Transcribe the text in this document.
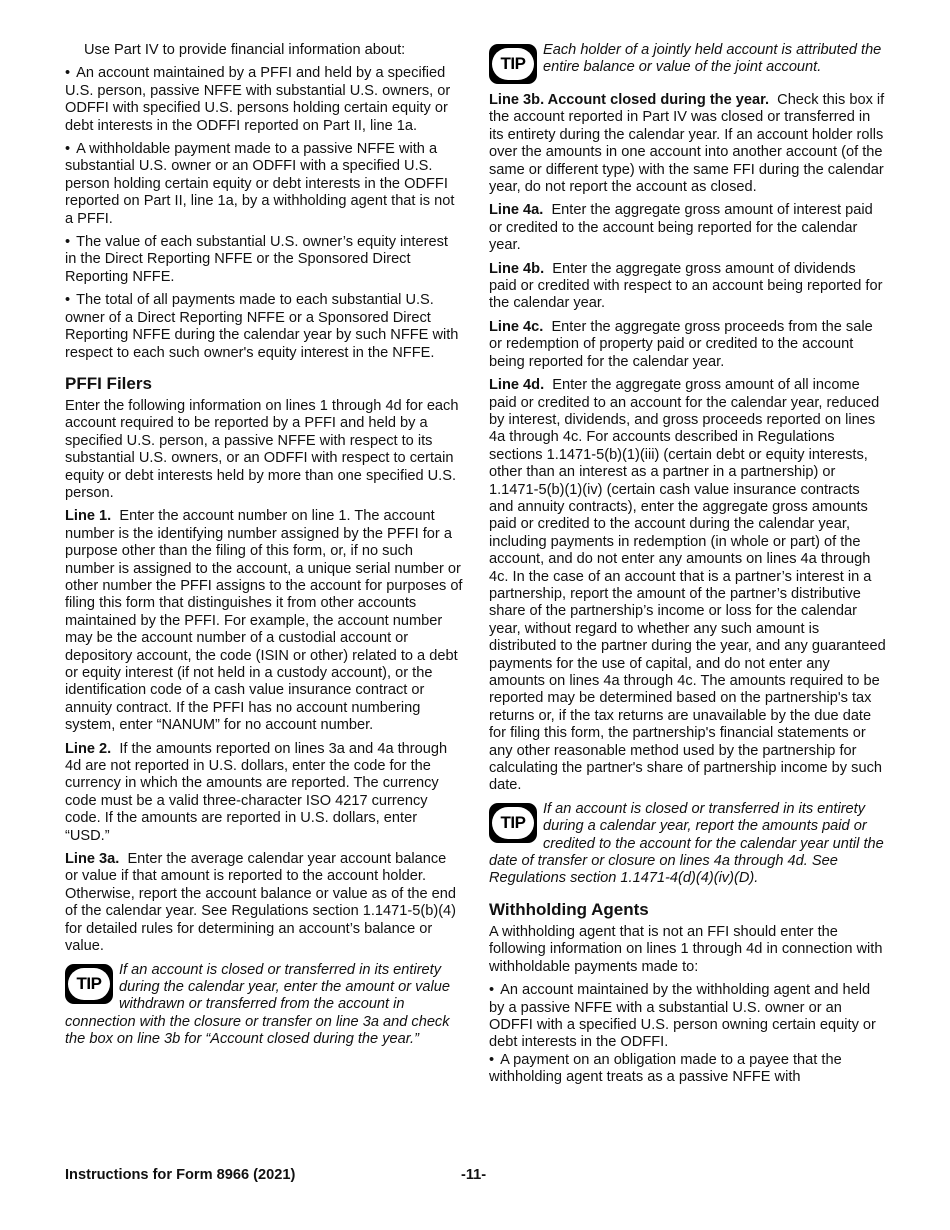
Use Part IV to provide financial information about:

• An account maintained by a PFFI and held by a specified U.S. person, passive NFFE with substantial U.S. owners, or ODFFI with specified U.S. persons holding certain equity or debt interests in the ODFFI reported on Part II, line 1a.

• A withholdable payment made to a passive NFFE with a substantial U.S. owner or an ODFFI with a specified U.S. person holding certain equity or debt interests in the ODFFI reported on Part II, line 1a, by a withholding agent that is not a PFFI.

• The value of each substantial U.S. owner’s equity interest in the Direct Reporting NFFE or the Sponsored Direct Reporting NFFE.

• The total of all payments made to each substantial U.S. owner of a Direct Reporting NFFE or a Sponsored Direct Reporting NFFE during the calendar year by such NFFE with respect to each such owner's equity interest in the NFFE.

PFFI Filers

Enter the following information on lines 1 through 4d for each account required to be reported by a PFFI and held by a specified U.S. person, a passive NFFE with respect to its substantial U.S. owners, or an ODFFI with respect to certain equity or debt interests held by more than one specified U.S. person.

Line 1. Enter the account number on line 1. The account number is the identifying number assigned by the PFFI for a purpose other than the filing of this form, or, if no such number is assigned to the account, a unique serial number or other number the PFFI assigns to the account for purposes of filing this form that distinguishes it from other accounts maintained by the PFFI. For example, the account number may be the account number of a custodial account or depository account, the code (ISIN or other) related to a debt or equity interest (if not held in a custody account), or the identification code of a cash value insurance contract or annuity contract. If the PFFI has no account numbering system, enter “NANUM” for no account number.

Line 2. If the amounts reported on lines 3a and 4a through 4d are not reported in U.S. dollars, enter the code for the currency in which the amounts are reported. The currency code must be a valid three-character ISO 4217 currency code. If the amounts are reported in U.S. dollars, enter “USD.”

Line 3a. Enter the average calendar year account balance or value if that amount is reported to the account holder. Otherwise, report the account balance or value as of the end of the calendar year. See Regulations section 1.1471-5(b)(4) for detailed rules for determining an account’s balance or value.

TIP
If an account is closed or transferred in its entirety during the calendar year, enter the amount or value withdrawn or transferred from the account in connection with the closure or transfer on line 3a and check the box on line 3b for “Account closed during the year.”
TIP
Each holder of a jointly held account is attributed the entire balance or value of the joint account.

Line 3b. Account closed during the year. Check this box if the account reported in Part IV was closed or transferred in its entirety during the calendar year. If an account holder rolls over the amounts in one account into another account (of the same or different type) with the same FFI during the calendar year, do not report the account as closed.

Line 4a. Enter the aggregate gross amount of interest paid or credited to the account being reported for the calendar year.

Line 4b. Enter the aggregate gross amount of dividends paid or credited with respect to an account being reported for the calendar year.

Line 4c. Enter the aggregate gross proceeds from the sale or redemption of property paid or credited to the account being reported for the calendar year.

Line 4d. Enter the aggregate gross amount of all income paid or credited to an account for the calendar year, reduced by interest, dividends, and gross proceeds reported on lines 4a through 4c. For accounts described in Regulations sections 1.1471-5(b)(1)(iii) (certain debt or equity interests, other than an interest as a partner in a partnership) or 1.1471-5(b)(1)(iv) (certain cash value insurance contracts and annuity contracts), enter the aggregate gross amounts paid or credited to the account during the calendar year, including payments in redemption (in whole or part) of the account, and do not enter any amounts on lines 4a through 4c. In the case of an account that is a partner’s interest in a partnership, report the amount of the partner’s distributive share of the partnership’s income or loss for the calendar year, without regard to whether any such amount is distributed to the partner during the year, and any guaranteed payments for the use of capital, and do not enter any amounts on lines 4a through 4c. The amounts required to be reported may be determined based on the partnership's tax returns or, if the tax returns are unavailable by the due date for filing this form, the partnership's financial statements or any other reasonable method used by the partnership for calculating the partner's share of partnership income by such date.

TIP
If an account is closed or transferred in its entirety during a calendar year, report the amounts paid or credited to the account for the calendar year until the date of transfer or closure on lines 4a through 4d. See Regulations section 1.1471-4(d)(4)(iv)(D).
Withholding Agents

A withholding agent that is not an FFI should enter the following information on lines 1 through 4d in connection with withholdable payments made to:

• An account maintained by the withholding agent and held by a passive NFFE with a substantial U.S. owner or an ODFFI with a specified U.S. person owning certain equity or debt interests in the ODFFI.

• A payment on an obligation made to a payee that the withholding agent treats as a passive NFFE with

Instructions for Form 8966 (2021)	-11-
